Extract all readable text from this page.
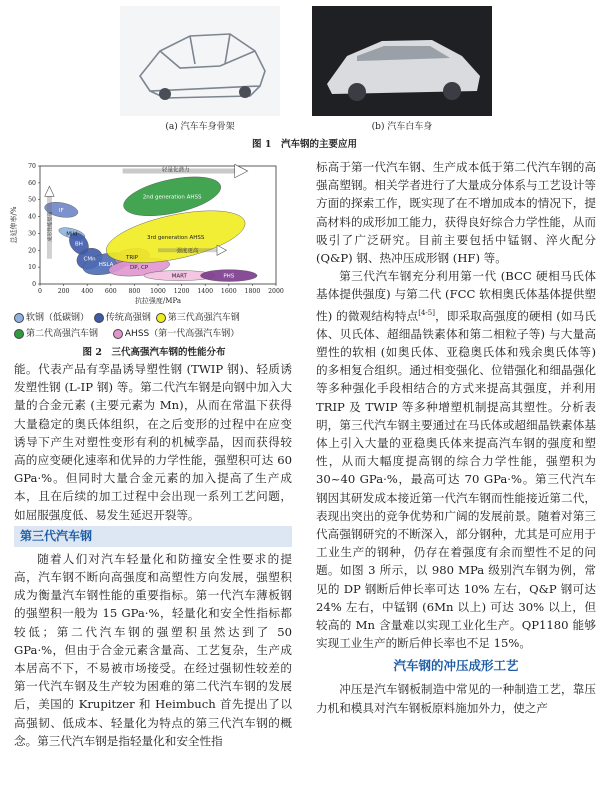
(a) 汽车车身骨架	(b) 汽车白车身
图 1　汽车钢的主要应用
IF
Mild
BH
CMn
HSLA
TRIP
DP, CP
MART	PHS
2nd generation AHSS
3rd generation AHSS
轻量化潜力
强度更高
成形性能提高
0	200 400 600 800 1000 1200 1400 1600 1800 2000
0
10
20
30
40
50
60
70
抗拉强度/MPa
总延伸率/%
软钢（低碳钢） 传统高强钢 第三代高强汽车钢
第二代高强汽车钢	AHSS（第一代高强汽车钢）
图 2　三代高强汽车钢的性能分布

能。代表产品有孪晶诱导塑性钢 (TWIP 钢)、轻质诱发塑性钢 (L-IP 钢) 等。第二代汽车钢是向钢中加入大量的合金元素 (主要元素为 Mn)，从而在常温下获得大量稳定的奥氏体组织，在之后变形的过程中在应变诱导下产生对塑性变形有利的机械孪晶，因而获得较高的应变硬化速率和优异的力学性能，强塑积可达 60 GPa·%。但同时大量合金元素的加入提高了生产成本，且在后续的加工过程中会出现一系列工艺问题，如屈服强度低、易发生延迟开裂等。

第三代汽车钢

随着人们对汽车轻量化和防撞安全性要求的提高，汽车钢不断向高强度和高塑性方向发展，强塑积成为衡量汽车钢性能的重要指标。第一代汽车薄板钢的强塑积一般为 15 GPa·%，轻量化和安全性指标都较低；第二代汽车钢的强塑积虽然达到了 50 GPa·%，但由于合金元素含量高、工艺复杂，生产成本居高不下，不易被市场接受。在经过强韧性较差的第一代汽车钢及生产较为困难的第二代汽车钢的发展后，美国的 Krupitzer 和 Heimbuch 首先提出了以高强韧、低成本、轻量化为特点的第三代汽车钢的概念。第三代汽车钢是指轻量化和安全性指

标高于第一代汽车钢、生产成本低于第二代汽车钢的高强高塑钢。相关学者进行了大量成分体系与工艺设计等方面的探索工作，既实现了在不增加成本的情况下，提高材料的成形加工能力，获得良好综合力学性能，从而吸引了广泛研究。目前主要包括中锰钢、淬火配分 (Q&P) 钢、热冲压成形钢 (HF) 等。

第三代汽车钢充分利用第一代 (BCC 硬相马氏体基体提供强度) 与第二代 (FCC 软相奥氏体基体提供塑性) 的微观结构特点[4-5]，即采取高强度的硬相 (如马氏体、贝氏体、超细晶铁素体和第二相粒子等) 与大量高塑性的软相 (如奥氏体、亚稳奥氏体和残余奥氏体等) 的多相复合组织。通过相变强化、位错强化和细晶强化等多种强化手段相结合的方式来提高其强度，并利用 TRIP 及 TWIP 等多种增塑机制提高其塑性。分析表明，第三代汽车钢主要通过在马氏体或超细晶铁素体基体上引入大量的亚稳奥氏体来提高汽车钢的强度和塑性，从而大幅度提高钢的综合力学性能，强塑积为 30~40 GPa·%，最高可达 70 GPa·%。第三代汽车钢因其研发成本接近第一代汽车钢而性能接近第二代，表现出突出的竞争优势和广阔的发展前景。随着对第三代高强钢研究的不断深入，部分钢种，尤其是可应用于工业生产的钢种，仍存在着强度有余而塑性不足的问题。如图 3 所示，以 980 MPa 级别汽车钢为例，常见的 DP 钢断后伸长率可达 10% 左右，Q&P 钢可达 24% 左右，中锰钢 (6Mn 以上) 可达 30% 以上，但较高的 Mn 含量难以实现工业化生产。QP1180 能够实现工业生产的断后伸长率也不足 15%。

汽车钢的冲压成形工艺

冲压是汽车钢板制造中常见的一种制造工艺，靠压力机和模具对汽车钢板原料施加外力，使之产
